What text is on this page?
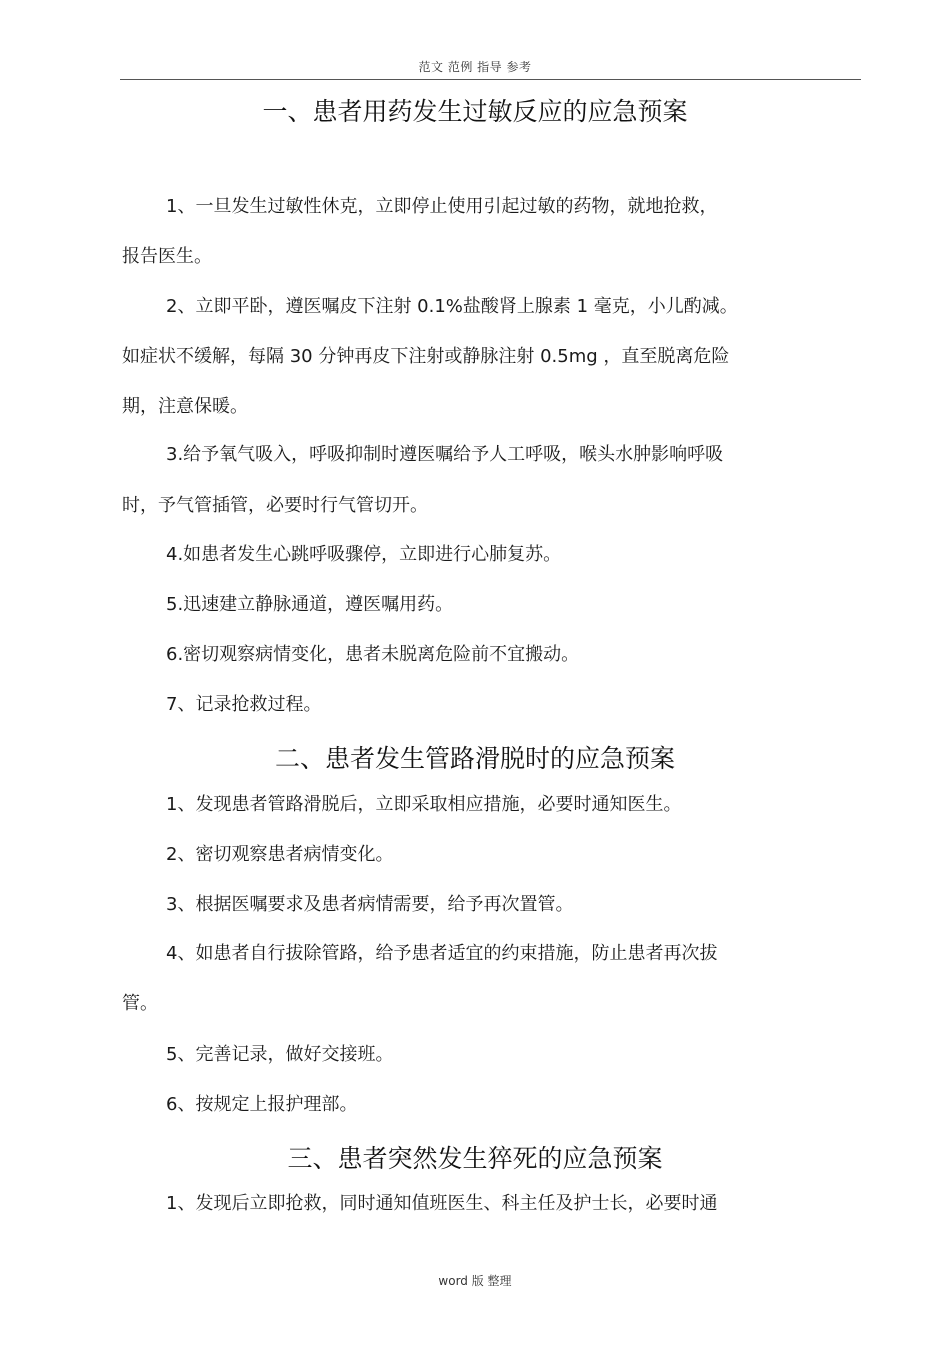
范文 范例 指导 参考
一、患者用药发生过敏反应的应急预案
1、一旦发生过敏性休克，立即停止使用引起过敏的药物，就地抢救，
报告医生。
2、立即平卧，遵医嘱皮下注射 0.1%盐酸肾上腺素 1 毫克，小儿酌减。
如症状不缓解，每隔 30 分钟再皮下注射或静脉注射 0.5mg ，直至脱离危险
期，注意保暖。
3.给予氧气吸入，呼吸抑制时遵医嘱给予人工呼吸，喉头水肿影响呼吸
时，予气管插管，必要时行气管切开。
4.如患者发生心跳呼吸骤停，立即进行心肺复苏。
5.迅速建立静脉通道，遵医嘱用药。
6.密切观察病情变化，患者未脱离危险前不宜搬动。
7、记录抢救过程。
二、患者发生管路滑脱时的应急预案
1、发现患者管路滑脱后，立即采取相应措施，必要时通知医生。
2、密切观察患者病情变化。
3、根据医嘱要求及患者病情需要，给予再次置管。
4、如患者自行拔除管路，给予患者适宜的约束措施，防止患者再次拔
管。
5、完善记录，做好交接班。
6、按规定上报护理部。
三、患者突然发生猝死的应急预案
1、发现后立即抢救，同时通知值班医生、科主任及护士长，必要时通
word 版 整理
